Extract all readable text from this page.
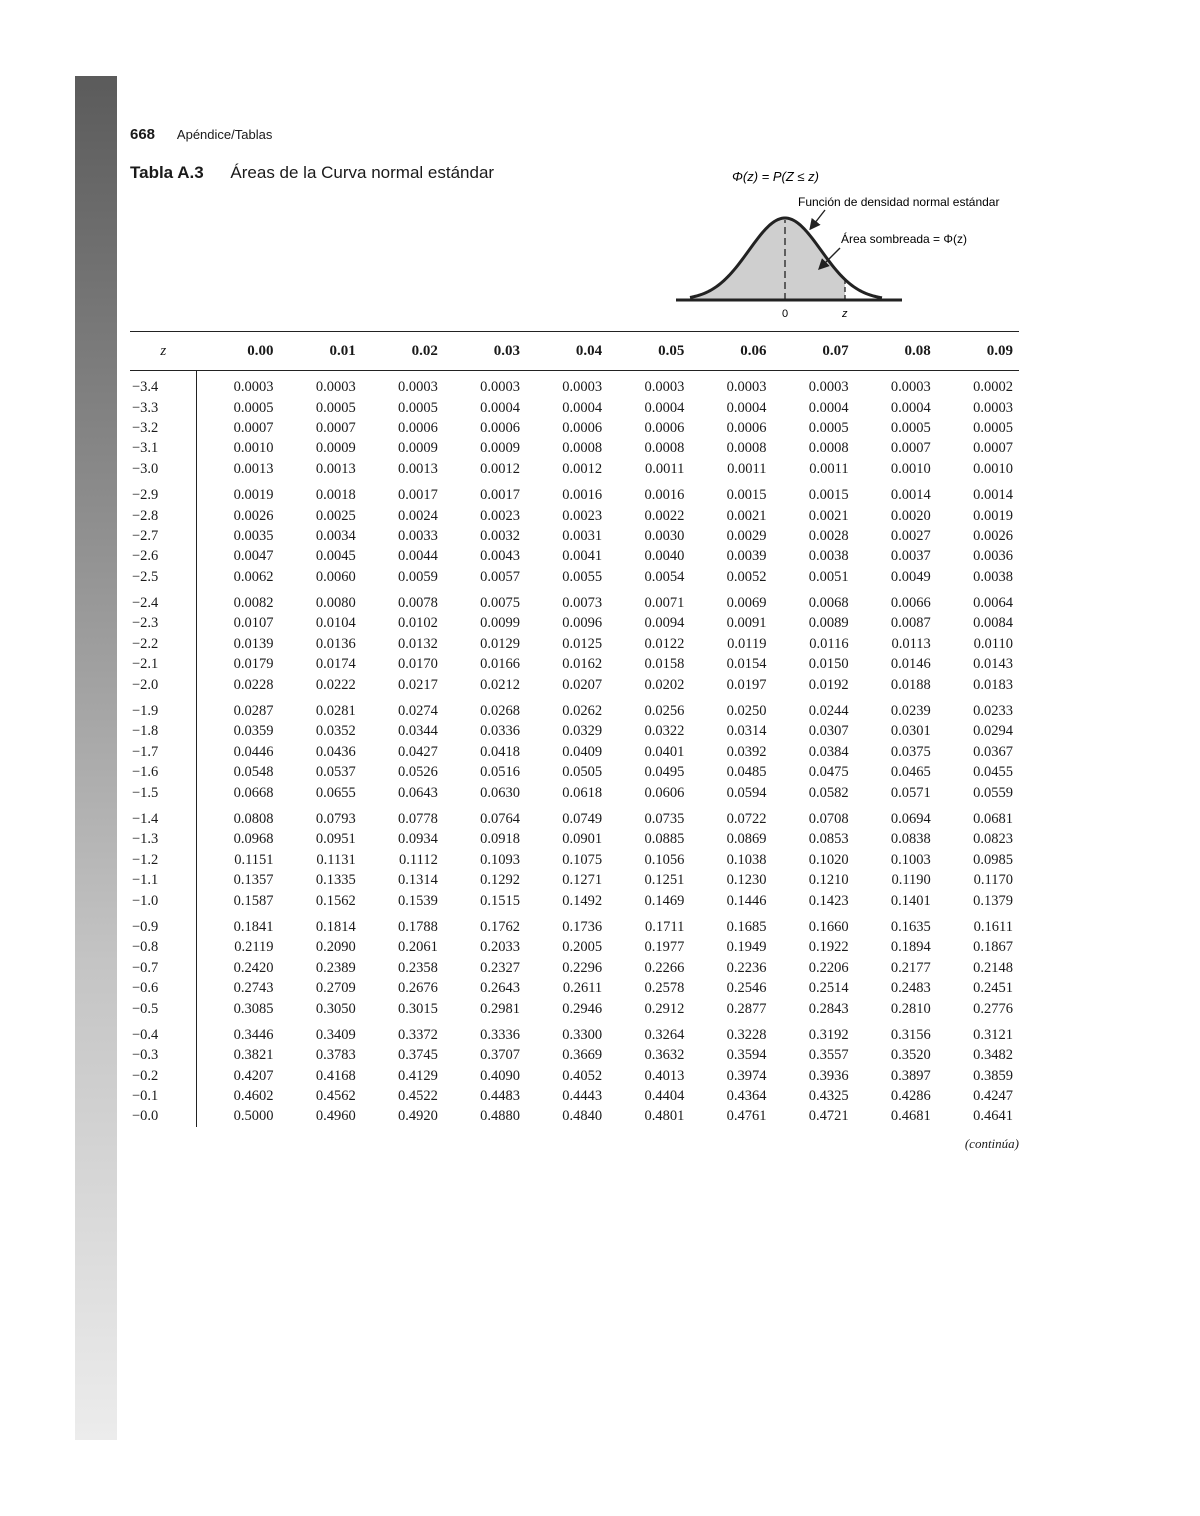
668 Apéndice/Tablas
Tabla A.3 Áreas de la Curva normal estándar	Φ(z) = P(Z ≤ z)
Función de densidad normal estándar
Área sombreada = Φ(z)
0	z
z	0.00	0.01	0.02	0.03	0.04	0.05	0.06	0.07	0.08	0.09

−3.4	0.0003	0.0003	0.0003	0.0003	0.0003	0.0003	0.0003	0.0003	0.0003	0.0002
−3.3	0.0005	0.0005	0.0005	0.0004	0.0004	0.0004	0.0004	0.0004	0.0004	0.0003
−3.2	0.0007	0.0007	0.0006	0.0006	0.0006	0.0006	0.0006	0.0005	0.0005	0.0005
−3.1	0.0010	0.0009	0.0009	0.0009	0.0008	0.0008	0.0008	0.0008	0.0007	0.0007
−3.0	0.0013	0.0013	0.0013	0.0012	0.0012	0.0011	0.0011	0.0011	0.0010	0.0010

−2.9	0.0019	0.0018	0.0017	0.0017	0.0016	0.0016	0.0015	0.0015	0.0014	0.0014
−2.8	0.0026	0.0025	0.0024	0.0023	0.0023	0.0022	0.0021	0.0021	0.0020	0.0019
−2.7	0.0035	0.0034	0.0033	0.0032	0.0031	0.0030	0.0029	0.0028	0.0027	0.0026
−2.6	0.0047	0.0045	0.0044	0.0043	0.0041	0.0040	0.0039	0.0038	0.0037	0.0036
−2.5	0.0062	0.0060	0.0059	0.0057	0.0055	0.0054	0.0052	0.0051	0.0049	0.0038

−2.4	0.0082	0.0080	0.0078	0.0075	0.0073	0.0071	0.0069	0.0068	0.0066	0.0064
−2.3	0.0107	0.0104	0.0102	0.0099	0.0096	0.0094	0.0091	0.0089	0.0087	0.0084
−2.2	0.0139	0.0136	0.0132	0.0129	0.0125	0.0122	0.0119	0.0116	0.0113	0.0110
−2.1	0.0179	0.0174	0.0170	0.0166	0.0162	0.0158	0.0154	0.0150	0.0146	0.0143
−2.0	0.0228	0.0222	0.0217	0.0212	0.0207	0.0202	0.0197	0.0192	0.0188	0.0183

−1.9	0.0287	0.0281	0.0274	0.0268	0.0262	0.0256	0.0250	0.0244	0.0239	0.0233
−1.8	0.0359	0.0352	0.0344	0.0336	0.0329	0.0322	0.0314	0.0307	0.0301	0.0294
−1.7	0.0446	0.0436	0.0427	0.0418	0.0409	0.0401	0.0392	0.0384	0.0375	0.0367
−1.6	0.0548	0.0537	0.0526	0.0516	0.0505	0.0495	0.0485	0.0475	0.0465	0.0455
−1.5	0.0668	0.0655	0.0643	0.0630	0.0618	0.0606	0.0594	0.0582	0.0571	0.0559

−1.4	0.0808	0.0793	0.0778	0.0764	0.0749	0.0735	0.0722	0.0708	0.0694	0.0681
−1.3	0.0968	0.0951	0.0934	0.0918	0.0901	0.0885	0.0869	0.0853	0.0838	0.0823
−1.2	0.1151	0.1131	0.1112	0.1093	0.1075	0.1056	0.1038	0.1020	0.1003	0.0985
−1.1	0.1357	0.1335	0.1314	0.1292	0.1271	0.1251	0.1230	0.1210	0.1190	0.1170
−1.0	0.1587	0.1562	0.1539	0.1515	0.1492	0.1469	0.1446	0.1423	0.1401	0.1379

−0.9	0.1841	0.1814	0.1788	0.1762	0.1736	0.1711	0.1685	0.1660	0.1635	0.1611
−0.8	0.2119	0.2090	0.2061	0.2033	0.2005	0.1977	0.1949	0.1922	0.1894	0.1867
−0.7	0.2420	0.2389	0.2358	0.2327	0.2296	0.2266	0.2236	0.2206	0.2177	0.2148
−0.6	0.2743	0.2709	0.2676	0.2643	0.2611	0.2578	0.2546	0.2514	0.2483	0.2451
−0.5	0.3085	0.3050	0.3015	0.2981	0.2946	0.2912	0.2877	0.2843	0.2810	0.2776

−0.4	0.3446	0.3409	0.3372	0.3336	0.3300	0.3264	0.3228	0.3192	0.3156	0.3121
−0.3	0.3821	0.3783	0.3745	0.3707	0.3669	0.3632	0.3594	0.3557	0.3520	0.3482
−0.2	0.4207	0.4168	0.4129	0.4090	0.4052	0.4013	0.3974	0.3936	0.3897	0.3859
−0.1	0.4602	0.4562	0.4522	0.4483	0.4443	0.4404	0.4364	0.4325	0.4286	0.4247
−0.0	0.5000	0.4960	0.4920	0.4880	0.4840	0.4801	0.4761	0.4721	0.4681	0.4641
(continúa)
